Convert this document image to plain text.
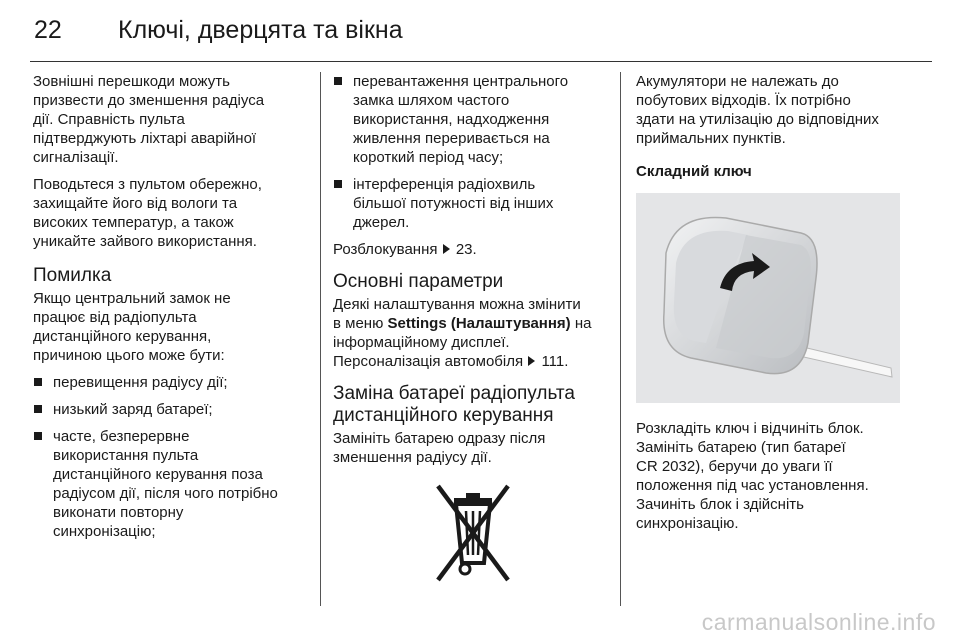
22 Ключі, дверцята та вікна

Зовнішні перешкоди можуть
призвести до зменшення радіуса
дії. Справність пульта
підтверджують ліхтарі аварійної
сигналізації.

Поводьтеся з пультом обережно,
захищайте його від вологи та
високих температур, а також
уникайте зайвого використання.

Помилка

Якщо центральний замок не
працює від радіопульта
дистанційного керування,
причиною цього може бути:

перевищення радіусу дії;
низький заряд батареї;
часте, безперервне
використання пульта
дистанційного керування поза
радіусом дії, після чого потрібно
виконати повторну
синхронізацію;
перевантаження центрального
замка шляхом частого
використання, надходження
живлення переривається на
короткий період часу;
інтерференція радіохвиль
більшої потужності від інших
джерел.

Розблокування 23.

Основні параметри

Деякі налаштування можна змінити
в меню Settings (Налаштування) на
інформаційному дисплеї.
Персоналізація автомобіля 111.

Заміна батареї радіопульта
дистанційного керування

Замініть батарею одразу після
зменшення радіусу дії.

Акумулятори не належать до
побутових відходів. Їх потрібно
здати на утилізацію до відповідних
приймальних пунктів.

Складний ключ

Розкладіть ключ і відчиніть блок.
Замініть батарею (тип батареї
CR 2032), беручи до уваги її
положення під час установлення.
Зачиніть блок і здійсніть
синхронізацію.

carmanualsonline.info
